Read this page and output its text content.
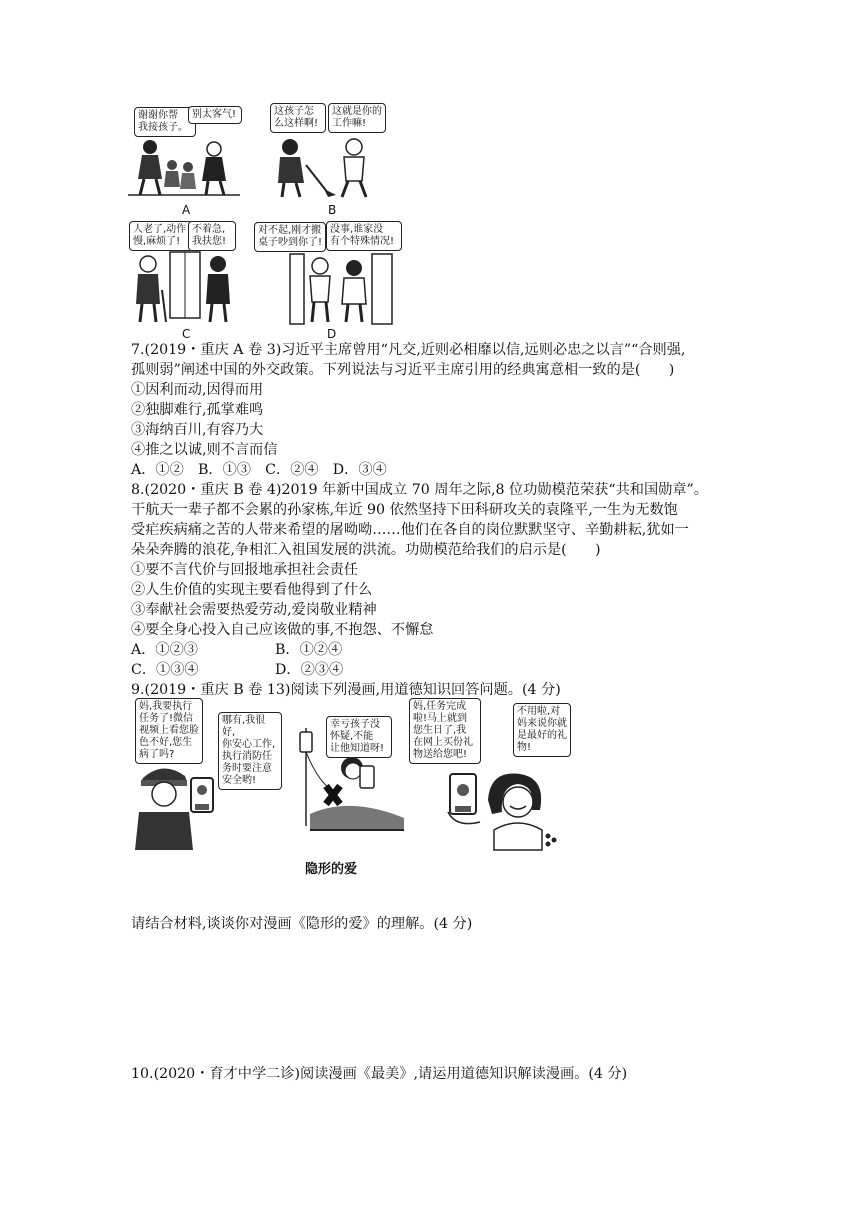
谢谢你帮
我接孩子。
别太客气!
A
这孩子怎
么这样啊!
这就是你的
工作嘛!
B
人老了,动作
慢,麻烦了!
不着急,
我扶您!
C
对不起,刚才搬
桌子吵到你了!
没事,谁家没
有个特殊情况!
D
7.(2019・重庆 A 卷 3)习近平主席曾用“凡交,近则必相靡以信,远则必忠之以言”“合则强,
孤则弱”阐述中国的外交政策。下列说法与习近平主席引用的经典寓意相一致的是(　　)
①因利而动,因得而用
②独脚难行,孤掌难鸣
③海纳百川,有容乃大
④推之以诚,则不言而信
A．①②　B．①③　C．②④　D．③④
8.(2020・重庆 B 卷 4)2019 年新中国成立 70 周年之际,8 位功勋模范荣获“共和国勋章”。
干航天一辈子都不会累的孙家栋,年近 90 依然坚持下田科研攻关的袁隆平,一生为无数饱
受疟疾病痛之苦的人带来希望的屠呦呦……他们在各自的岗位默默坚守、辛勤耕耘,犹如一
朵朵奔腾的浪花,争相汇入祖国发展的洪流。功勋模范给我们的启示是(　　)
①要不言代价与回报地承担社会责任
②人生价值的实现主要看他得到了什么
③奉献社会需要热爱劳动,爱岗敬业精神
④要全身心投入自己应该做的事,不抱怨、不懈怠
A．①②③	B．①②④
C．①③④	D．②③④
9.(2019・重庆 B 卷 13)阅读下列漫画,用道德知识回答问题。(4 分)
妈,我要执行
任务了!微信
视频上看您脸
色不好,您生
病了吗?
哪有,我很好,
你安心工作,
执行消防任
务时要注意
安全哟!
幸亏孩子没
怀疑,不能
让他知道呀!
妈,任务完成
啦!马上就到
您生日了,我
在网上买份礼
物送给您吧!
不用啦,对
妈来说你就
是最好的礼
物!
隐形的爱
请结合材料,谈谈你对漫画《隐形的爱》的理解。(4 分)
10.(2020・育才中学二诊)阅读漫画《最美》,请运用道德知识解读漫画。(4 分)
